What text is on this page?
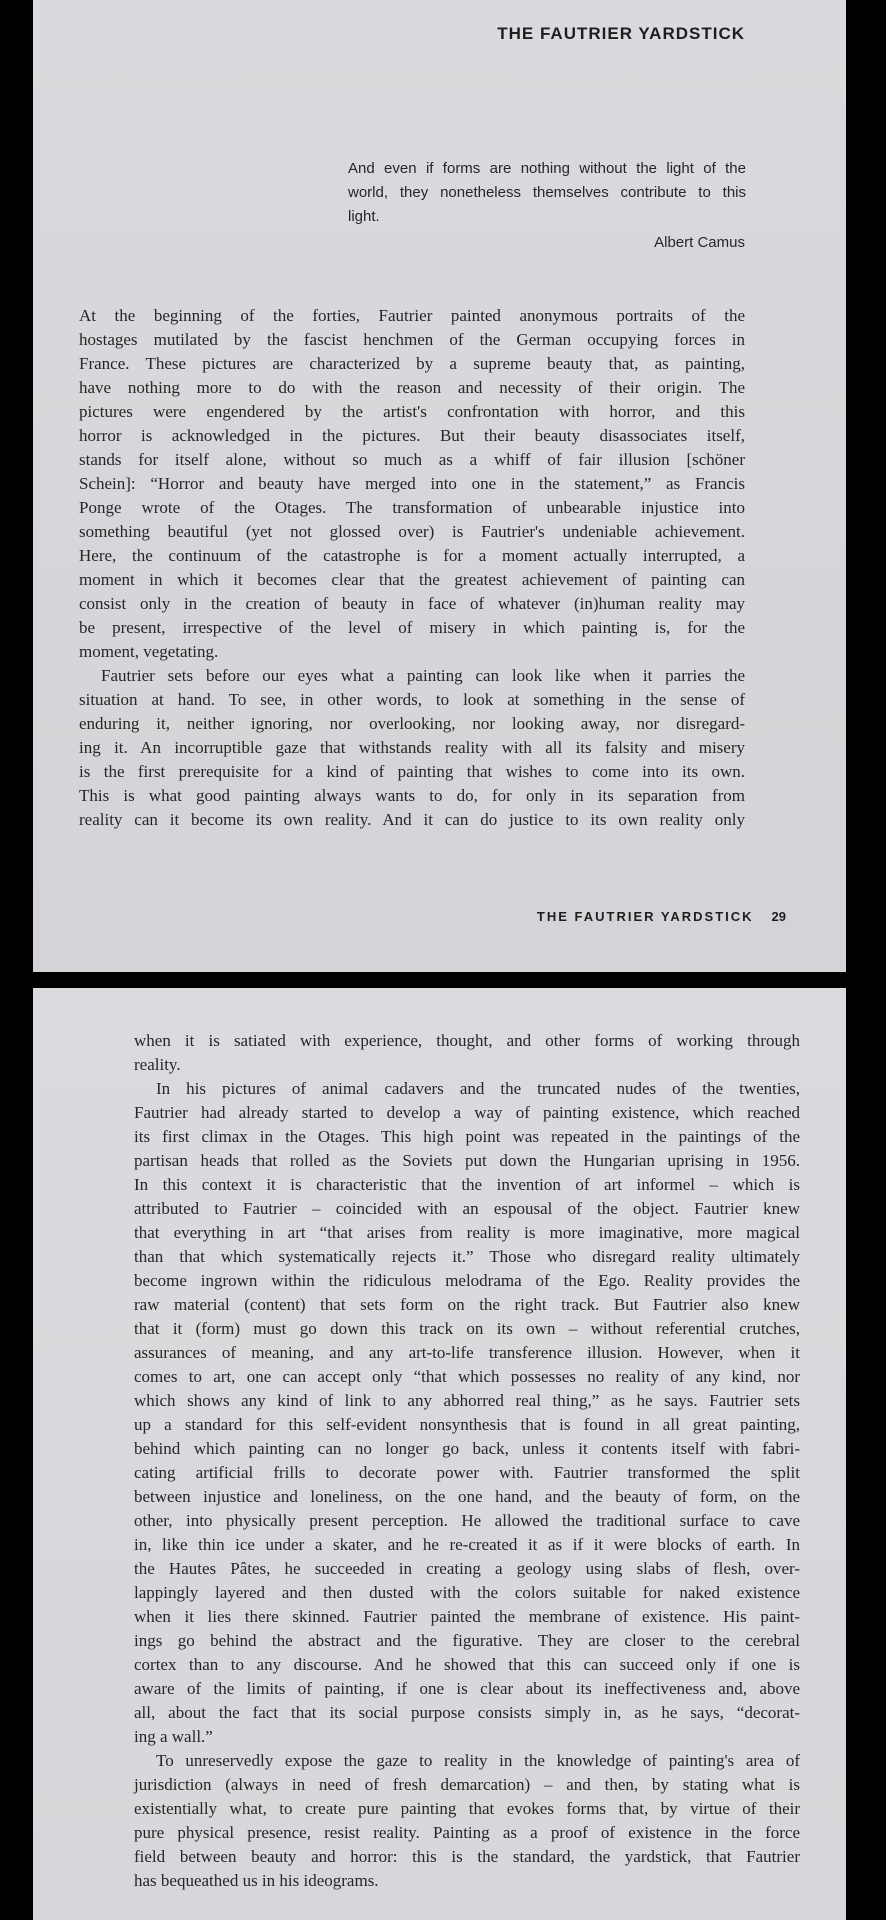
THE FAUTRIER YARDSTICK
And even if forms are nothing without the light of the
world, they nonetheless themselves contribute to this
light.
Albert Camus
At the beginning of the forties, Fautrier painted anonymous portraits of the
hostages mutilated by the fascist henchmen of the German occupying forces in
France. These pictures are characterized by a supreme beauty that, as painting,
have nothing more to do with the reason and necessity of their origin. The
pictures were engendered by the artist's confrontation with horror, and this
horror is acknowledged in the pictures. But their beauty disassociates itself,
stands for itself alone, without so much as a whiff of fair illusion [schöner
Schein]: “Horror and beauty have merged into one in the statement,” as Francis
Ponge wrote of the Otages. The transformation of unbearable injustice into
something beautiful (yet not glossed over) is Fautrier's undeniable achievement.
Here, the continuum of the catastrophe is for a moment actually interrupted, a
moment in which it becomes clear that the greatest achievement of painting can
consist only in the creation of beauty in face of whatever (in)human reality may
be present, irrespective of the level of misery in which painting is, for the
moment, vegetating.
Fautrier sets before our eyes what a painting can look like when it parries the
situation at hand. To see, in other words, to look at something in the sense of
enduring it, neither ignoring, nor overlooking, nor looking away, nor disregard-
ing it. An incorruptible gaze that withstands reality with all its falsity and misery
is the first prerequisite for a kind of painting that wishes to come into its own.
This is what good painting always wants to do, for only in its separation from
reality can it become its own reality. And it can do justice to its own reality only
THE FAUTRIER YARDSTICK 29
when it is satiated with experience, thought, and other forms of working through
reality.
In his pictures of animal cadavers and the truncated nudes of the twenties,
Fautrier had already started to develop a way of painting existence, which reached
its first climax in the Otages. This high point was repeated in the paintings of the
partisan heads that rolled as the Soviets put down the Hungarian uprising in 1956.
In this context it is characteristic that the invention of art informel – which is
attributed to Fautrier – coincided with an espousal of the object. Fautrier knew
that everything in art “that arises from reality is more imaginative, more magical
than that which systematically rejects it.” Those who disregard reality ultimately
become ingrown within the ridiculous melodrama of the Ego. Reality provides the
raw material (content) that sets form on the right track. But Fautrier also knew
that it (form) must go down this track on its own – without referential crutches,
assurances of meaning, and any art-to-life transference illusion. However, when it
comes to art, one can accept only “that which possesses no reality of any kind, nor
which shows any kind of link to any abhorred real thing,” as he says. Fautrier sets
up a standard for this self-evident nonsynthesis that is found in all great painting,
behind which painting can no longer go back, unless it contents itself with fabri-
cating artificial frills to decorate power with. Fautrier transformed the split
between injustice and loneliness, on the one hand, and the beauty of form, on the
other, into physically present perception. He allowed the traditional surface to cave
in, like thin ice under a skater, and he re-created it as if it were blocks of earth. In
the Hautes Pâtes, he succeeded in creating a geology using slabs of flesh, over-
lappingly layered and then dusted with the colors suitable for naked existence
when it lies there skinned. Fautrier painted the membrane of existence. His paint-
ings go behind the abstract and the figurative. They are closer to the cerebral
cortex than to any discourse. And he showed that this can succeed only if one is
aware of the limits of painting, if one is clear about its ineffectiveness and, above
all, about the fact that its social purpose consists simply in, as he says, “decorat-
ing a wall.”
To unreservedly expose the gaze to reality in the knowledge of painting's area of
jurisdiction (always in need of fresh demarcation) – and then, by stating what is
existentially what, to create pure painting that evokes forms that, by virtue of their
pure physical presence, resist reality. Painting as a proof of existence in the force
field between beauty and horror: this is the standard, the yardstick, that Fautrier
has bequeathed us in his ideograms.
